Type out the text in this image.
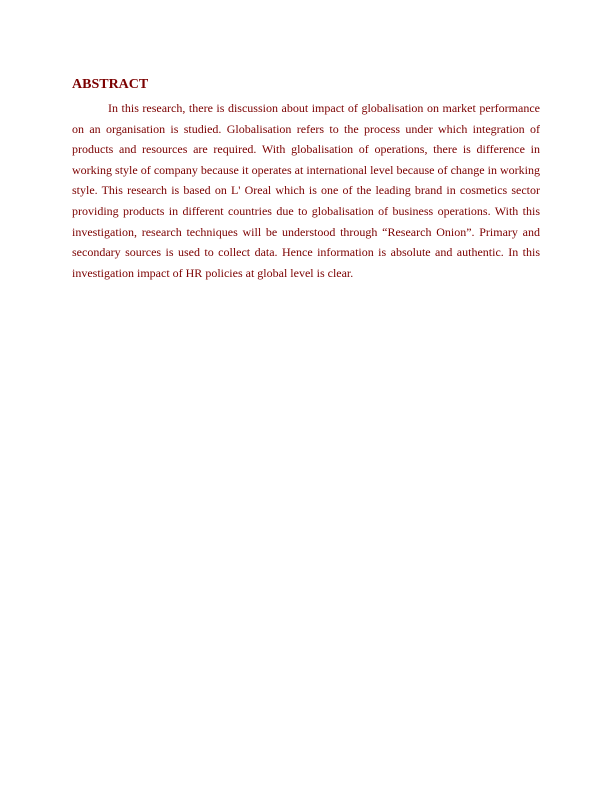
ABSTRACT

In this research, there is discussion about impact of globalisation on market performance on an organisation is studied. Globalisation refers to the process under which integration of products and resources are required. With globalisation of operations, there is difference in working style of company because it operates at international level because of change in working style. This research is based on L' Oreal which is one of the leading brand in cosmetics sector providing products in different countries due to globalisation of business operations. With this investigation, research techniques will be understood through “Research Onion”. Primary and secondary sources is used to collect data. Hence information is absolute and authentic. In this investigation impact of HR policies at global level is clear.
